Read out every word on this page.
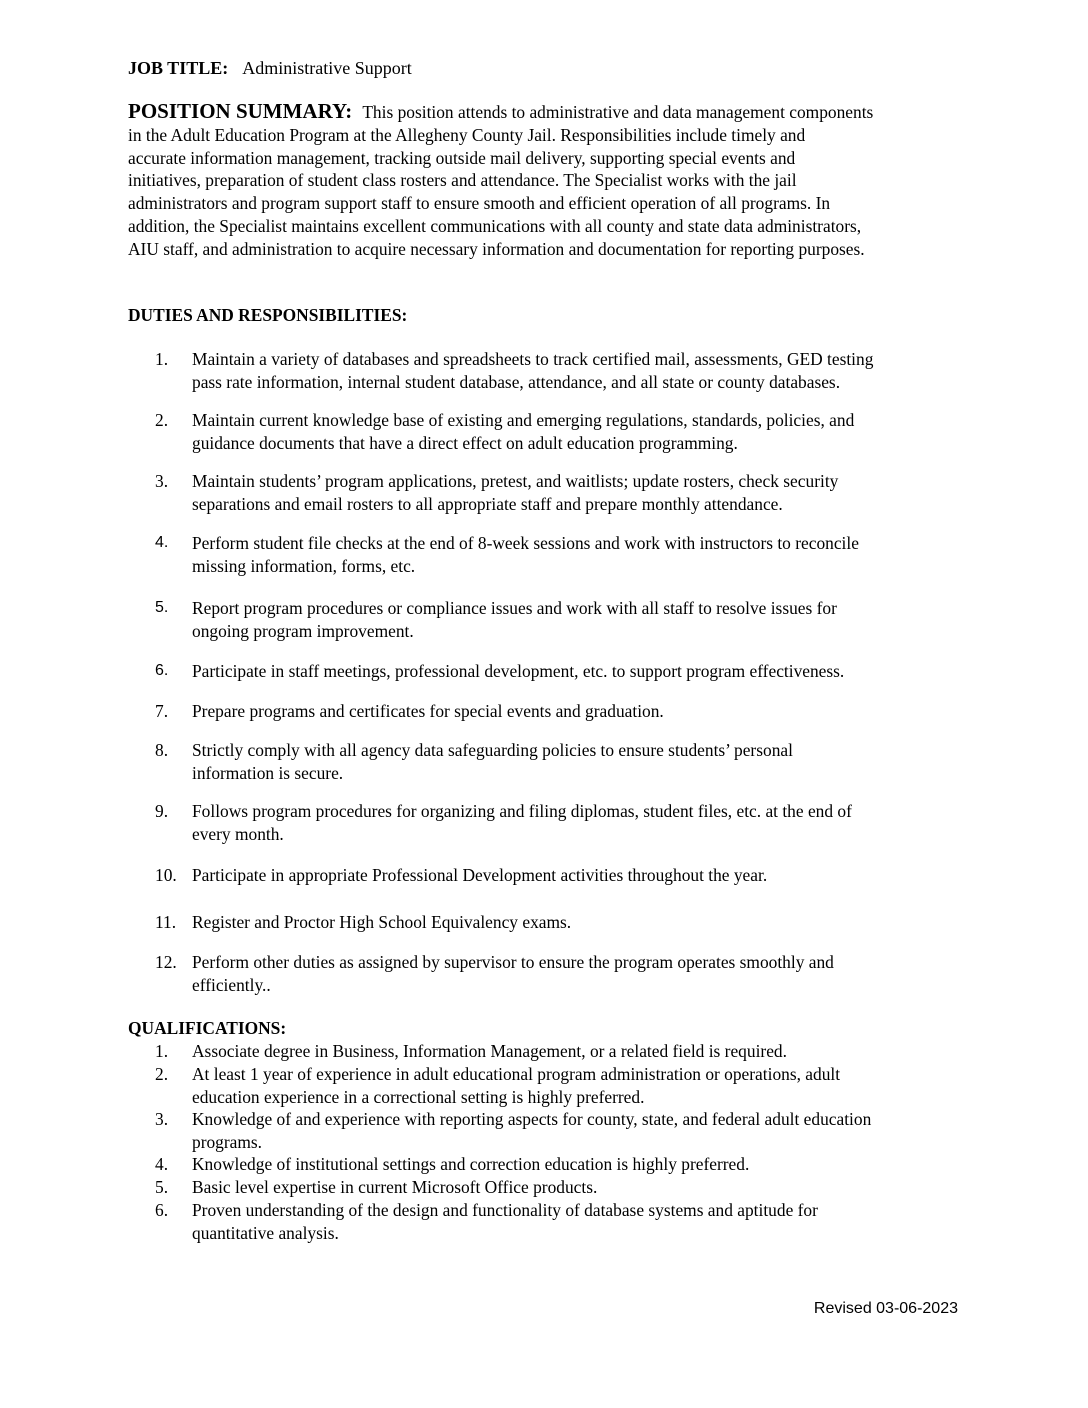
JOB TITLE: Administrative Support
POSITION SUMMARY: This position attends to administrative and data management components
in the Adult Education Program at the Allegheny County Jail. Responsibilities include timely and
accurate information management, tracking outside mail delivery, supporting special events and
initiatives, preparation of student class rosters and attendance. The Specialist works with the jail
administrators and program support staff to ensure smooth and efficient operation of all programs. In
addition, the Specialist maintains excellent communications with all county and state data administrators,
AIU staff, and administration to acquire necessary information and documentation for reporting purposes.
DUTIES AND RESPONSIBILITIES:
1.	Maintain a variety of databases and spreadsheets to track certified mail, assessments, GED testing
pass rate information, internal student database, attendance, and all state or county databases.
2.	Maintain current knowledge base of existing and emerging regulations, standards, policies, and
guidance documents that have a direct effect on adult education programming.
3.	Maintain students’ program applications, pretest, and waitlists; update rosters, check security
separations and email rosters to all appropriate staff and prepare monthly attendance.
4.	Perform student file checks at the end of 8-week sessions and work with instructors to reconcile
missing information, forms, etc.
5.	Report program procedures or compliance issues and work with all staff to resolve issues for
ongoing program improvement.
6.	Participate in staff meetings, professional development, etc. to support program effectiveness.
7.	Prepare programs and certificates for special events and graduation.
8.	Strictly comply with all agency data safeguarding policies to ensure students’ personal
information is secure.
9.	Follows program procedures for organizing and filing diplomas, student files, etc. at the end of
every month.
10. Participate in appropriate Professional Development activities throughout the year.
11. Register and Proctor High School Equivalency exams.
12. Perform other duties as assigned by supervisor to ensure the program operates smoothly and
efficiently..
QUALIFICATIONS:
1.	Associate degree in Business, Information Management, or a related field is required.
2.	At least 1 year of experience in adult educational program administration or operations, adult
education experience in a correctional setting is highly preferred.
3.	Knowledge of and experience with reporting aspects for county, state, and federal adult education
programs.
4.	Knowledge of institutional settings and correction education is highly preferred.
5.	Basic level expertise in current Microsoft Office products.
6.	Proven understanding of the design and functionality of database systems and aptitude for
quantitative analysis.
Revised 03-06-2023
